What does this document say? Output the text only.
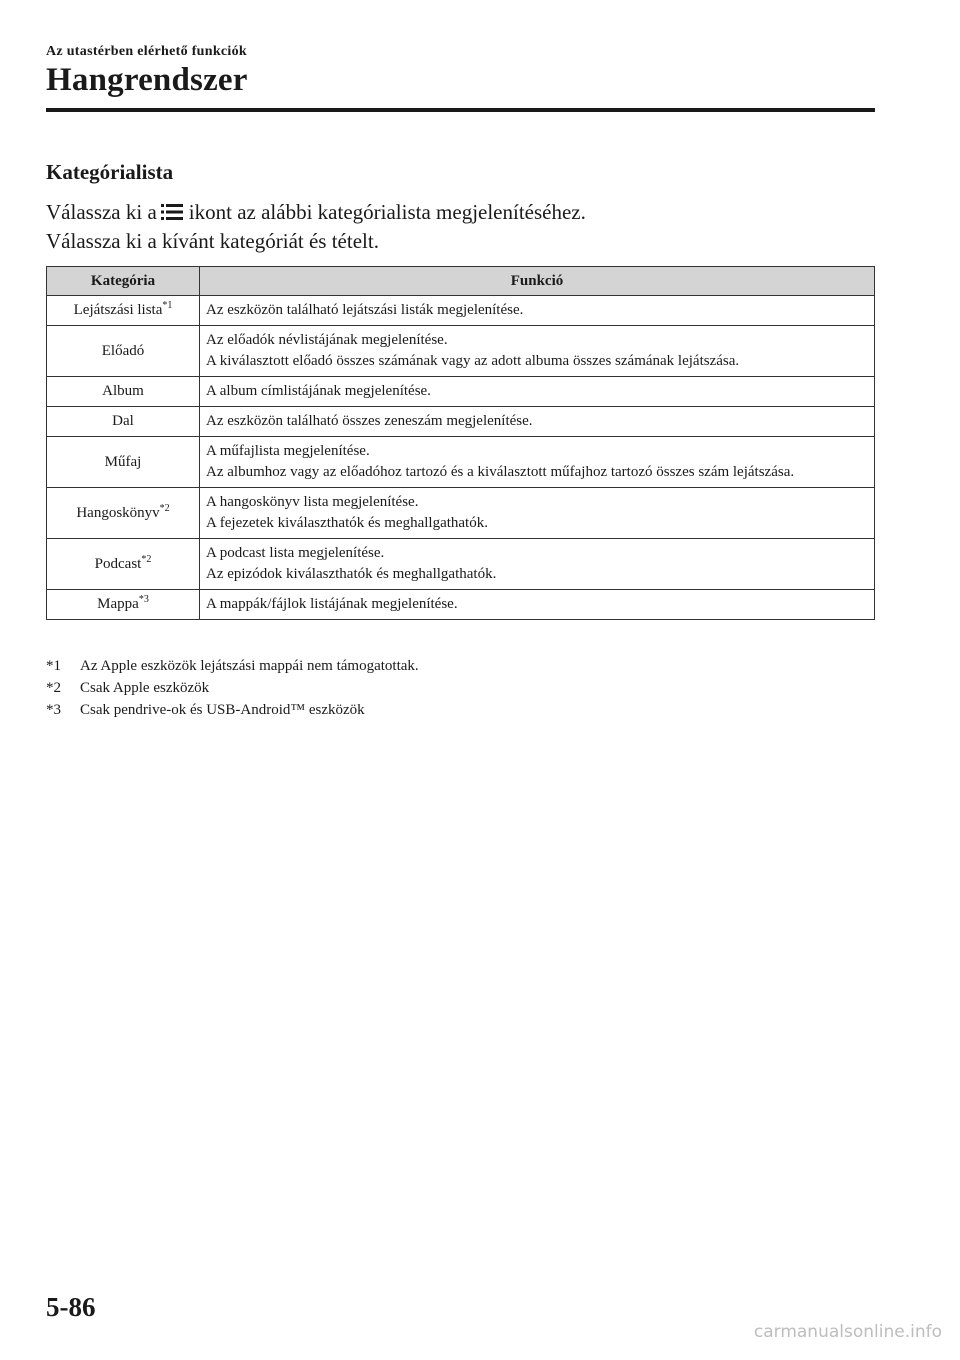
Az utastérben elérhető funkciók
Hangrendszer
Kategórialista
Válassza ki a ikont az alábbi kategórialista megjelenítéséhez.
Válassza ki a kívánt kategóriát és tételt.
Kategória	Funkció
Lejátszási lista$^{*1}$	Az eszközön található lejátszási listák megjelenítése.

Előadó	Az előadók névlistájának megjelenítése.
A kiválasztott előadó összes számának vagy az adott albuma összes számának lejátszása.

Album	A album címlistájának megjelenítése.

Dal	Az eszközön található összes zeneszám megjelenítése.

Műfaj	A műfajlista megjelenítése.
Az albumhoz vagy az előadóhoz tartozó és a kiválasztott műfajhoz tartozó összes szám lejátszása.

Hangoskönyv$^{*2}$	A hangoskönyv lista megjelenítése.
A fejezetek kiválaszthatók és meghallgathatók.

Podcast$^{*2}$	A podcast lista megjelenítése.
Az epizódok kiválaszthatók és meghallgathatók.

Mappa$^{*3}$	A mappák/fájlok listájának megjelenítése.
*1	Az Apple eszközök lejátszási mappái nem támogatottak.
*2	Csak Apple eszközök
*3	Csak pendrive-ok és USB-Android™ eszközök
5-86
carmanualsonline.info
